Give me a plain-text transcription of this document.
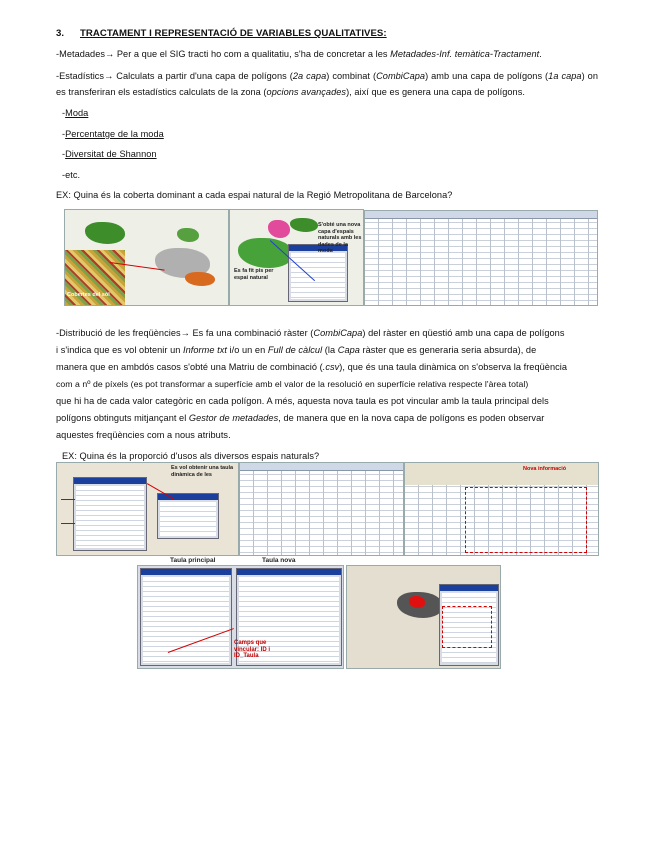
3. TRACTAMENT I REPRESENTACIÓ DE VARIABLES QUALITATIVES:
-Metadades→ Per a que el SIG tracti ho com a qualitatiu, s'ha de concretar a les Metadades-Inf. temàtica-Tractament.
-Estadístics→ Calculats a partir d'una capa de polígons (2a capa) combinat (CombiCapa) amb una capa de polígons (1a capa) on es transferiran els estadístics calculats de la zona (opcions avançades), així que es genera una capa de polígons.
-Moda
-Percentatge de la moda
-Diversitat de Shannon
-etc.
EX: Quina és la coberta dominant a cada espai natural de la Regió Metropolitana de Barcelona?
Cobertes del sòl
S'obté una nova capa d'espais naturals amb les dades de la moda
Es fa fit pis per espai natural
-Distribució de les freqüències→ Es fa una combinació ràster (CombiCapa) del ràster en qüestió amb una capa de polígons
i s'indica que es vol obtenir un Informe txt i/o un en Full de càlcul (la Capa ràster que es generaria seria absurda), de
manera que en ambdós casos s'obté una Matriu de combinació (.csv), que és una taula dinàmica on s'observa la freqüència
com a nº de píxels (es pot transformar a superfície amb el valor de la resolució en superfície relativa respecte l'àrea total)
que hi ha de cada valor categòric en cada polígon. A més, aquesta nova taula es pot vincular amb la taula principal dels
polígons obtinguts mitjançant el Gestor de metadades, de manera que en la nova capa de polígons es poden observar
aquestes freqüències com a nous atributs.
EX: Quina és la proporció d'usos als diversos espais naturals?
Es vol obtenir una taula dinàmica de les
Nova informació
Taula principal	Taula nova
Camps que vincular: ID i ID_Taula
